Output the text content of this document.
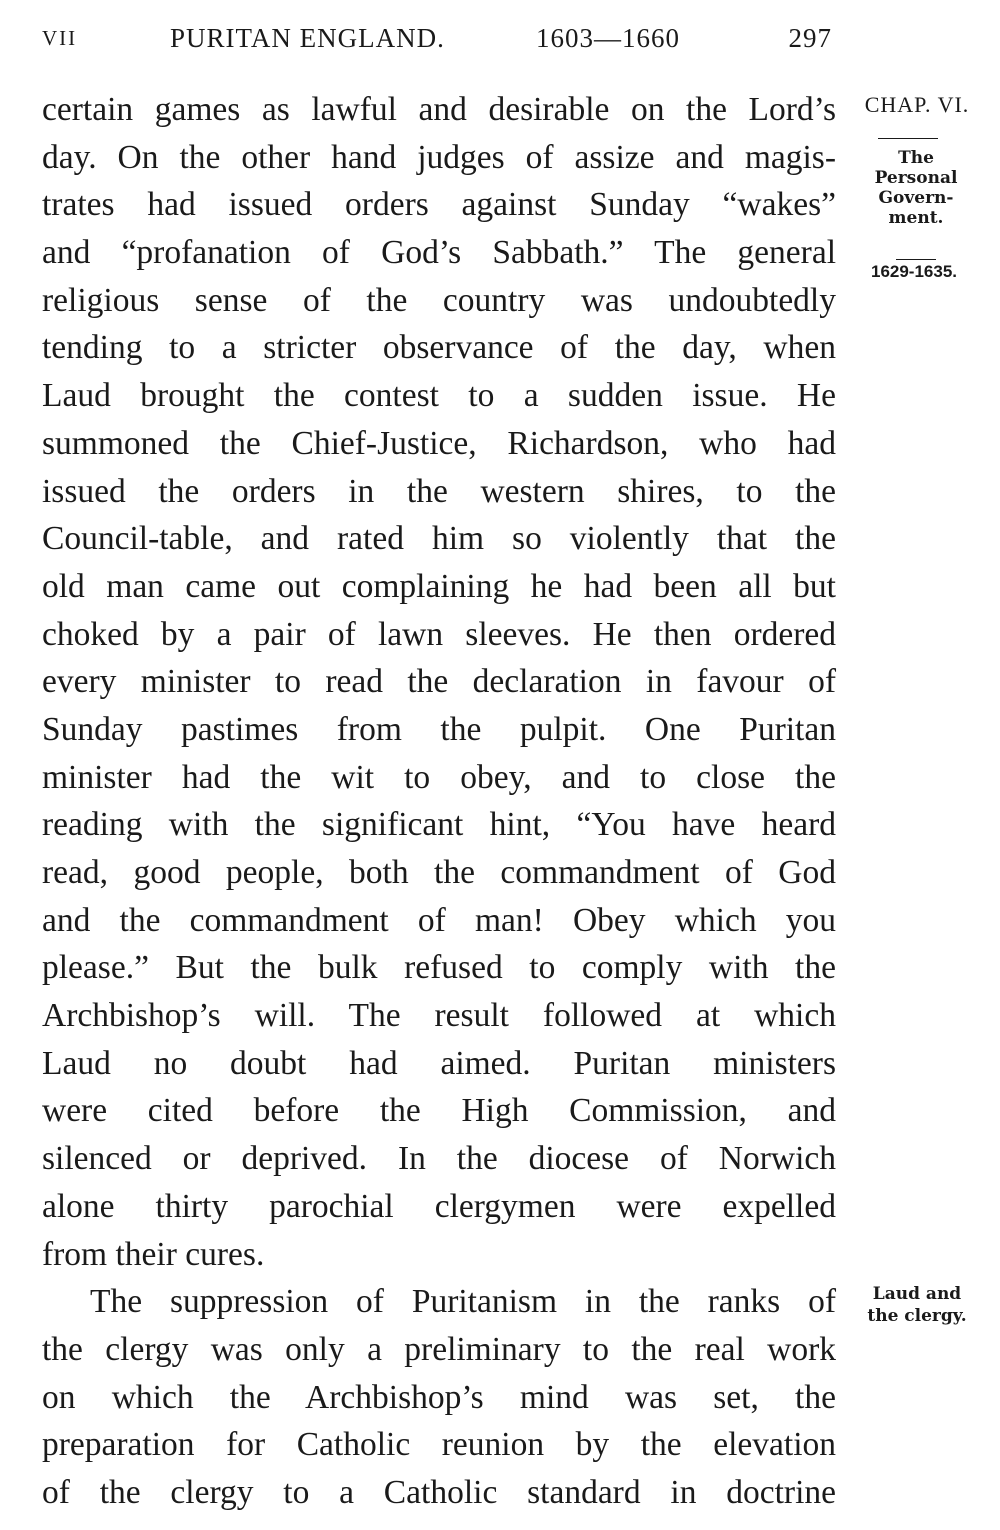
VII	PURITAN ENGLAND.	1603—1660	297
certain games as lawful and desirable on the Lord’s
day. On the other hand judges of assize and magis-
trates had issued orders against Sunday “wakes”
and “profanation of God’s Sabbath.” The general
religious sense of the country was undoubtedly
tending to a stricter observance of the day, when
Laud brought the contest to a sudden issue. He
summoned the Chief-Justice, Richardson, who had
issued the orders in the western shires, to the
Council-table, and rated him so violently that the
old man came out complaining he had been all but
choked by a pair of lawn sleeves. He then ordered
every minister to read the declaration in favour of
Sunday pastimes from the pulpit. One Puritan
minister had the wit to obey, and to close the
reading with the significant hint, “You have heard
read, good people, both the commandment of God
and the commandment of man! Obey which you
please.” But the bulk refused to comply with the
Archbishop’s will. The result followed at which
Laud no doubt had aimed. Puritan ministers
were cited before the High Commission, and
silenced or deprived. In the diocese of Norwich
alone thirty parochial clergymen were expelled
from their cures.
The suppression of Puritanism in the ranks of
the clergy was only a preliminary to the real work
on which the Archbishop’s mind was set, the
preparation for Catholic reunion by the elevation
of the clergy to a Catholic standard in doctrine
CHAP. VI.
The
Personal
Govern-
ment.
1629-1635.
Laud and
the clergy.
